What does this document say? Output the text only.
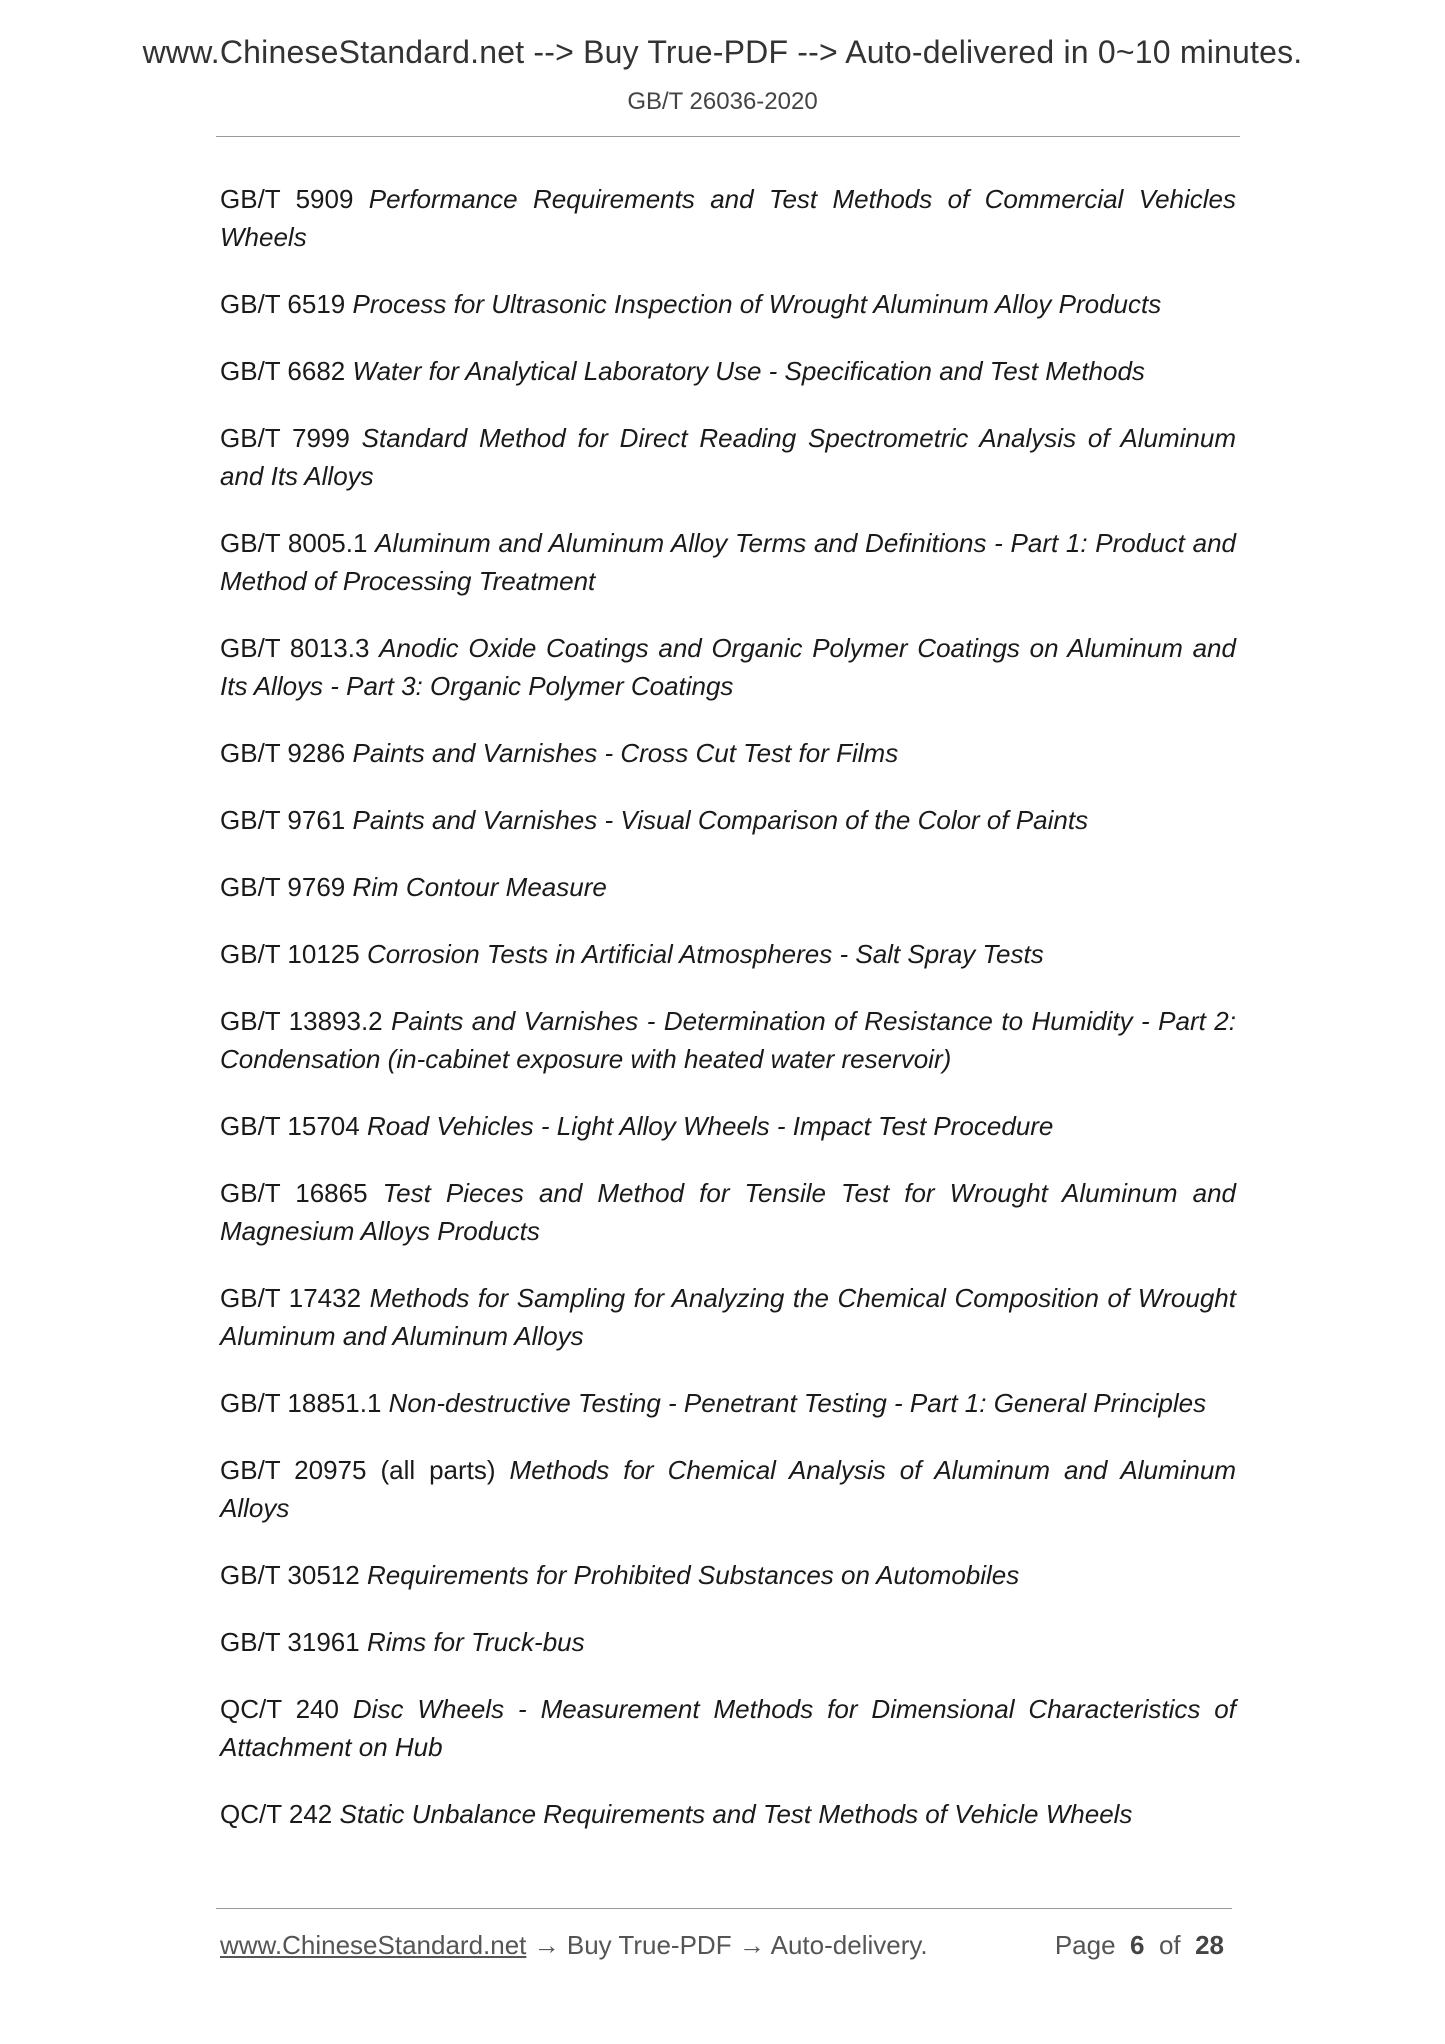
www.ChineseStandard.net --> Buy True-PDF --> Auto-delivered in 0~10 minutes.
GB/T 26036-2020
GB/T 5909 Performance Requirements and Test Methods of Commercial Vehicles Wheels
GB/T 6519 Process for Ultrasonic Inspection of Wrought Aluminum Alloy Products
GB/T 6682 Water for Analytical Laboratory Use - Specification and Test Methods
GB/T 7999 Standard Method for Direct Reading Spectrometric Analysis of Aluminum and Its Alloys
GB/T 8005.1 Aluminum and Aluminum Alloy Terms and Definitions - Part 1: Product and Method of Processing Treatment
GB/T 8013.3 Anodic Oxide Coatings and Organic Polymer Coatings on Aluminum and Its Alloys - Part 3: Organic Polymer Coatings
GB/T 9286 Paints and Varnishes - Cross Cut Test for Films
GB/T 9761 Paints and Varnishes - Visual Comparison of the Color of Paints
GB/T 9769 Rim Contour Measure
GB/T 10125 Corrosion Tests in Artificial Atmospheres - Salt Spray Tests
GB/T 13893.2 Paints and Varnishes - Determination of Resistance to Humidity - Part 2: Condensation (in-cabinet exposure with heated water reservoir)
GB/T 15704 Road Vehicles - Light Alloy Wheels - Impact Test Procedure
GB/T 16865 Test Pieces and Method for Tensile Test for Wrought Aluminum and Magnesium Alloys Products
GB/T 17432 Methods for Sampling for Analyzing the Chemical Composition of Wrought Aluminum and Aluminum Alloys
GB/T 18851.1 Non-destructive Testing - Penetrant Testing - Part 1: General Principles
GB/T 20975 (all parts) Methods for Chemical Analysis of Aluminum and Aluminum Alloys
GB/T 30512 Requirements for Prohibited Substances on Automobiles
GB/T 31961 Rims for Truck-bus
QC/T 240 Disc Wheels - Measurement Methods for Dimensional Characteristics of Attachment on Hub
QC/T 242 Static Unbalance Requirements and Test Methods of Vehicle Wheels
www.ChineseStandard.net → Buy True-PDF → Auto-delivery.	Page 6 of 28
